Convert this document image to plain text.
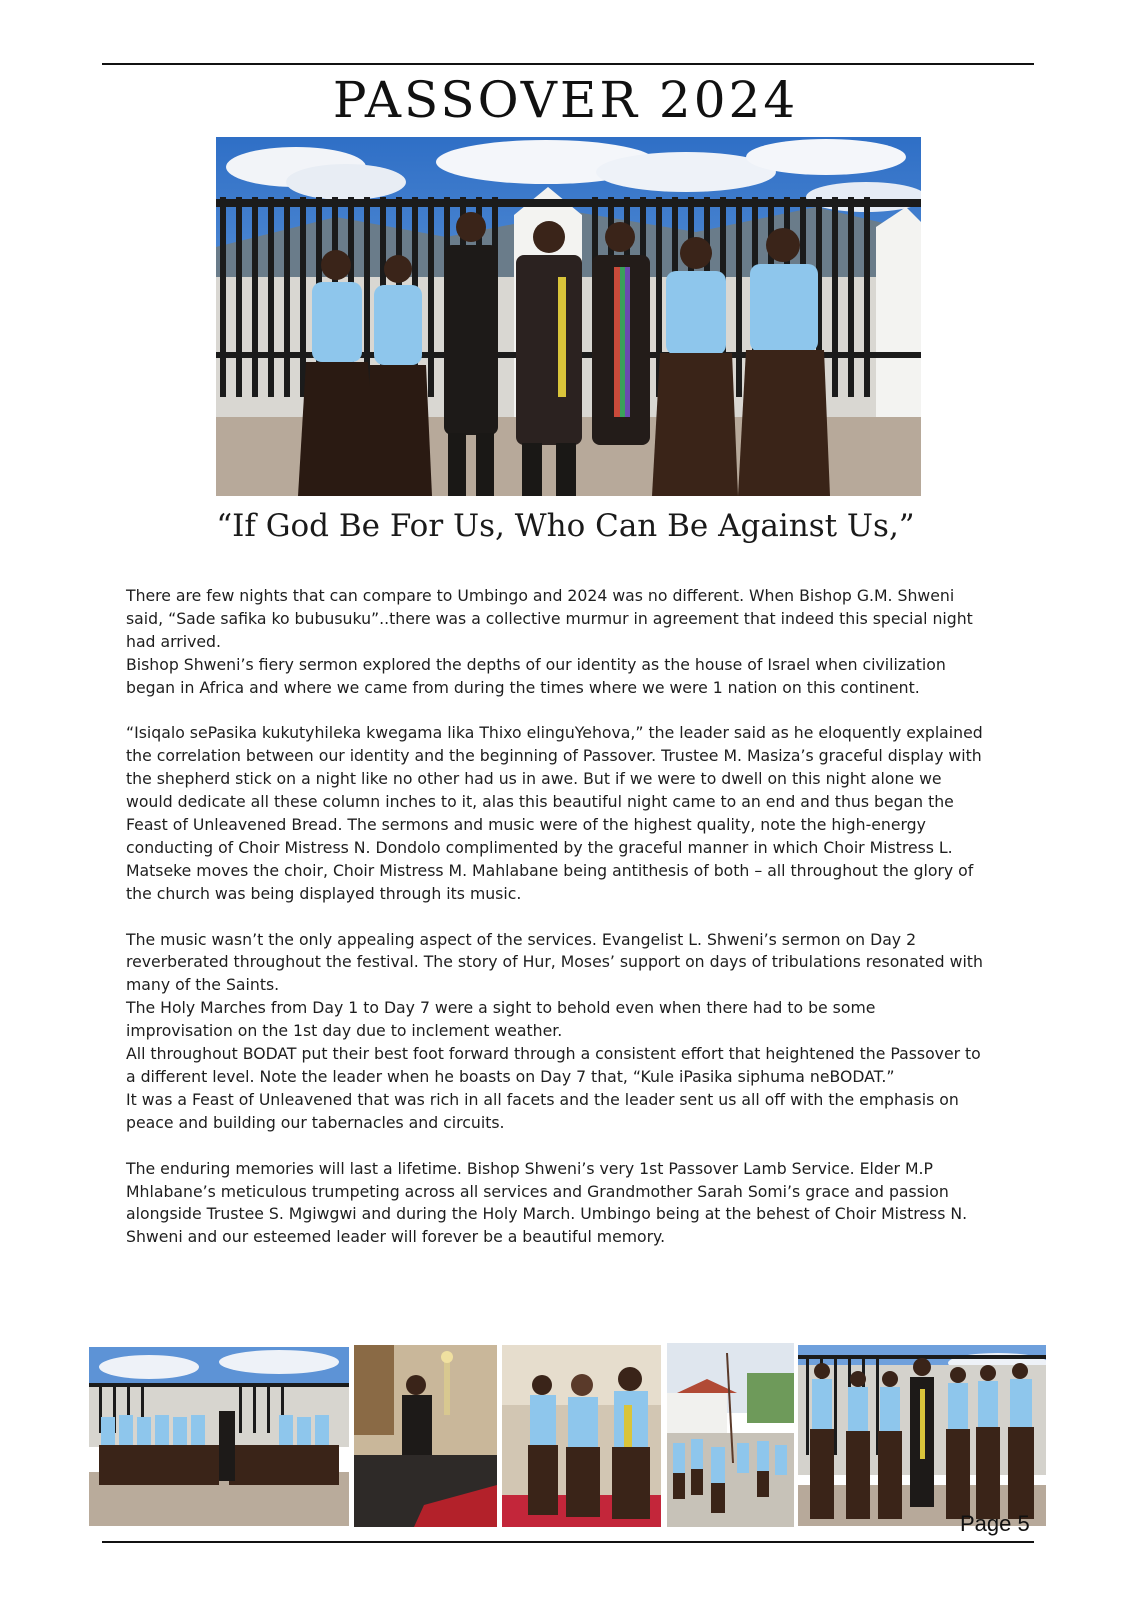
PASSOVER 2024
“If God Be For Us, Who Can Be Against Us,”

There are few nights that can compare to Umbingo and 2024 was no different. When Bishop G.M. Shweni said, “Sade safika ko bubusuku”..there was a collective murmur in agreement that indeed this special night had arrived.

Bishop Shweni’s fiery sermon explored the depths of our identity as the house of Israel when civilization began in Africa and where we came from during the times where we were 1 nation on this continent.

“Isiqalo sePasika kukutyhileka kwegama lika Thixo elinguYehova,” the leader said as he eloquently explained the correlation between our identity and the beginning of Passover. Trustee M. Masiza’s graceful display with the shepherd stick on a night like no other had us in awe. But if we were to dwell on this night alone we would dedicate all these column inches to it, alas this beautiful night came to an end and thus began the Feast of Unleavened Bread. The sermons and music were of the highest quality, note the high-energy conducting of Choir Mistress N. Dondolo complimented by the graceful manner in which Choir Mistress L. Matseke moves the choir, Choir Mistress M. Mahlabane being antithesis of both – all throughout the glory of the church was being displayed through its music.

The music wasn’t the only appealing aspect of the services. Evangelist L. Shweni’s sermon on Day 2 reverberated throughout the festival. The story of Hur, Moses’ support on days of tribulations resonated with many of the Saints.

The Holy Marches from Day 1 to Day 7 were a sight to behold even when there had to be some improvisation on the 1st day due to inclement weather.

All throughout BODAT put their best foot forward through a consistent effort that heightened the Passover to a different level. Note the leader when he boasts on Day 7 that, “Kule iPasika siphuma neBODAT.”

It was a Feast of Unleavened that was rich in all facets and the leader sent us all off with the emphasis on peace and building our tabernacles and circuits.

The enduring memories will last a lifetime. Bishop Shweni’s very 1st Passover Lamb Service. Elder M.P Mhlabane’s meticulous trumpeting across all services and Grandmother Sarah Somi’s grace and passion alongside Trustee S. Mgiwgwi and during the Holy March. Umbingo being at the behest of Choir Mistress N. Shweni and our esteemed leader will forever be a beautiful memory.

Page 5
